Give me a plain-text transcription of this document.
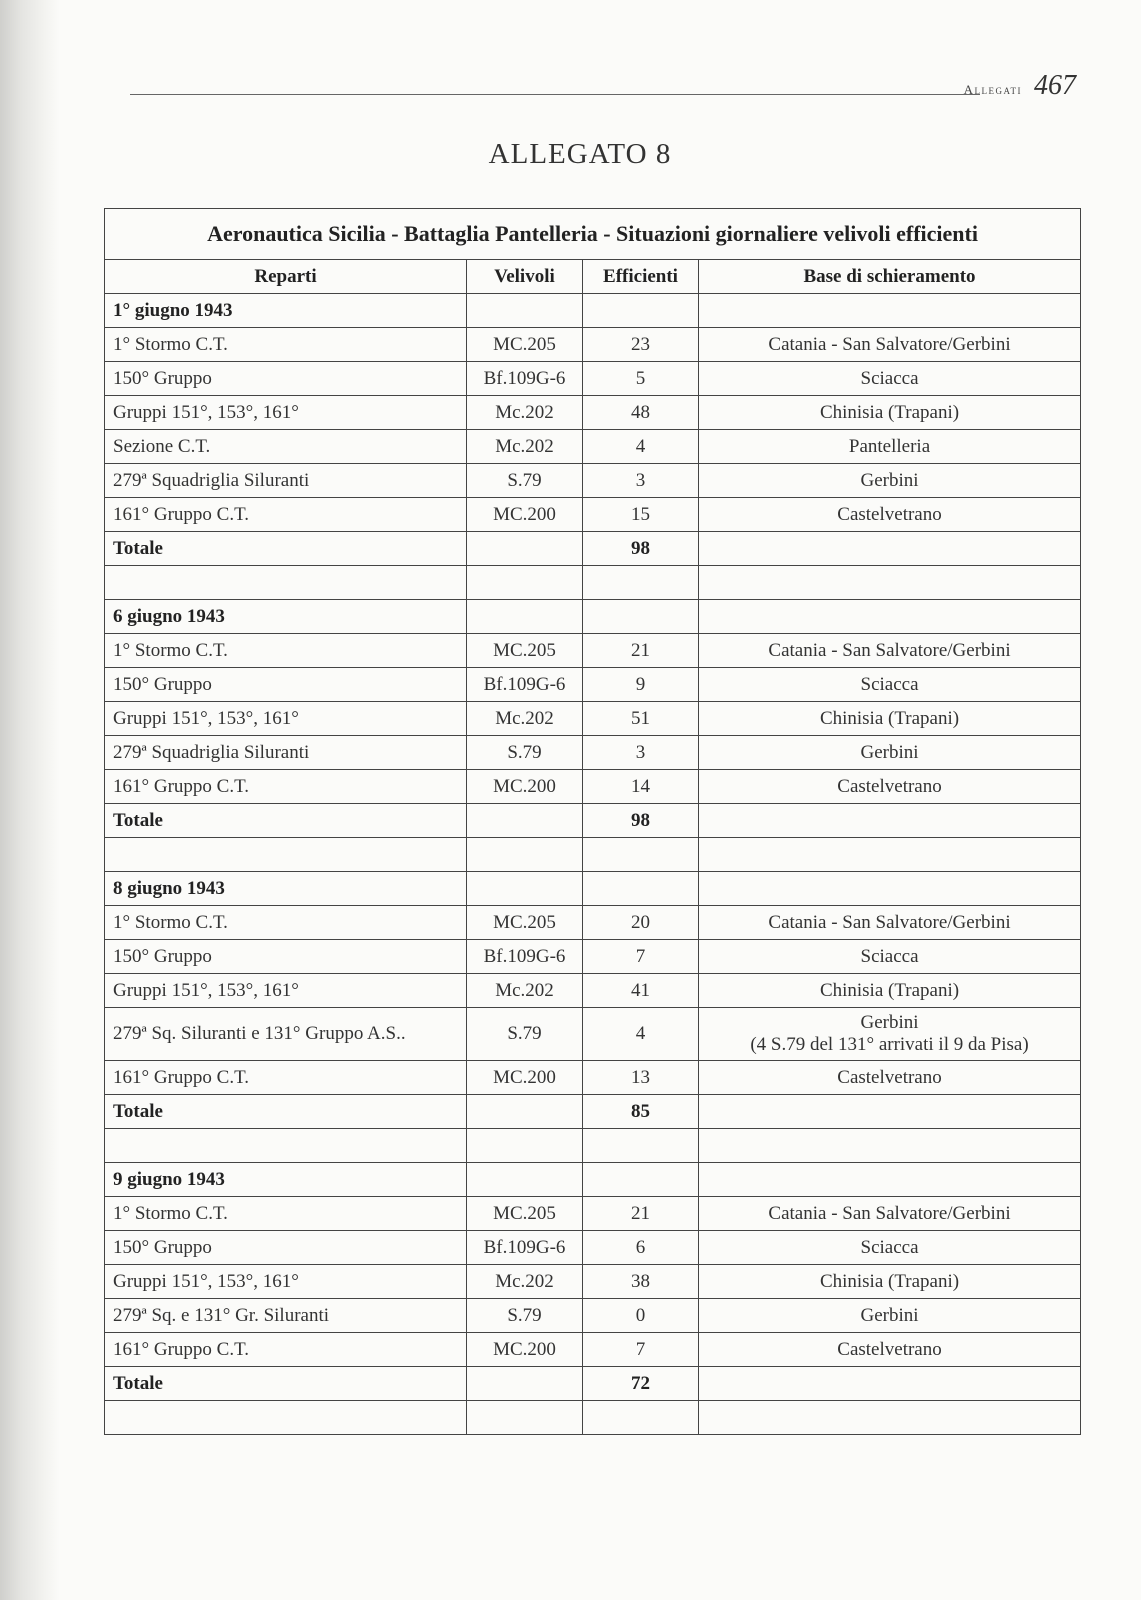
Allegati 467
ALLEGATO 8
Aeronautica Sicilia - Battaglia Pantelleria - Situazioni giornaliere velivoli efficienti			
Reparti	Velivoli	Efficienti	Base di schieramento
1° giugno 1943			
1° Stormo C.T.	MC.205	23	Catania - San Salvatore/Gerbini
150° Gruppo	Bf.109G-6	5	Sciacca
Gruppi 151°, 153°, 161°	Mc.202	48	Chinisia (Trapani)
Sezione C.T.	Mc.202	4	Pantelleria
279ª Squadriglia Siluranti	S.79	3	Gerbini
161° Gruppo C.T.	MC.200	15	Castelvetrano
Totale		98	

6 giugno 1943			
1° Stormo C.T.	MC.205	21	Catania - San Salvatore/Gerbini
150° Gruppo	Bf.109G-6	9	Sciacca
Gruppi 151°, 153°, 161°	Mc.202	51	Chinisia (Trapani)
279ª Squadriglia Siluranti	S.79	3	Gerbini
161° Gruppo C.T.	MC.200	14	Castelvetrano
Totale		98	

8 giugno 1943			
1° Stormo C.T.	MC.205	20	Catania - San Salvatore/Gerbini
150° Gruppo	Bf.109G-6	7	Sciacca
Gruppi 151°, 153°, 161°	Mc.202	41	Chinisia (Trapani)
279ª Sq. Siluranti e 131° Gruppo A.S..	S.79	4	Gerbini
(4 S.79 del 131° arrivati il 9 da Pisa)

161° Gruppo C.T.	MC.200	13	Castelvetrano
Totale		85	

9 giugno 1943			
1° Stormo C.T.	MC.205	21	Catania - San Salvatore/Gerbini
150° Gruppo	Bf.109G-6	6	Sciacca
Gruppi 151°, 153°, 161°	Mc.202	38	Chinisia (Trapani)
279ª Sq. e 131° Gr. Siluranti	S.79	0	Gerbini
161° Gruppo C.T.	MC.200	7	Castelvetrano
Totale		72	
